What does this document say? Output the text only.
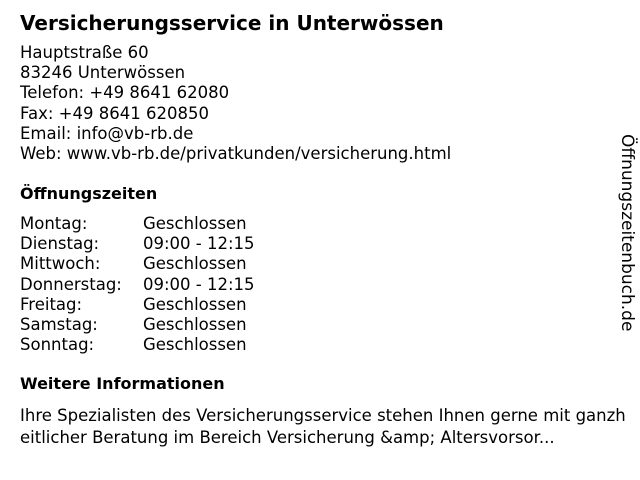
Versicherungsservice in Unterwössen
Hauptstraße 60
83246 Unterwössen
Telefon: +49 8641 62080
Fax: +49 8641 620850
Email: info@vb-rb.de
Web: www.vb-rb.de/privatkunden/versicherung.html
Öffnungszeiten
Montag:	Geschlossen
Dienstag:	09:00 - 12:15
Mittwoch:	Geschlossen
Donnerstag: 09:00 - 12:15
Freitag:	Geschlossen
Samstag:	Geschlossen
Sonntag:	Geschlossen
Weitere Informationen
Ihre Spezialisten des Versicherungsservice stehen Ihnen gerne mit ganzheitlicher Beratung im Bereich Versicherung &amp; Altersvorsor...
Öffnungszeitenbuch.de
